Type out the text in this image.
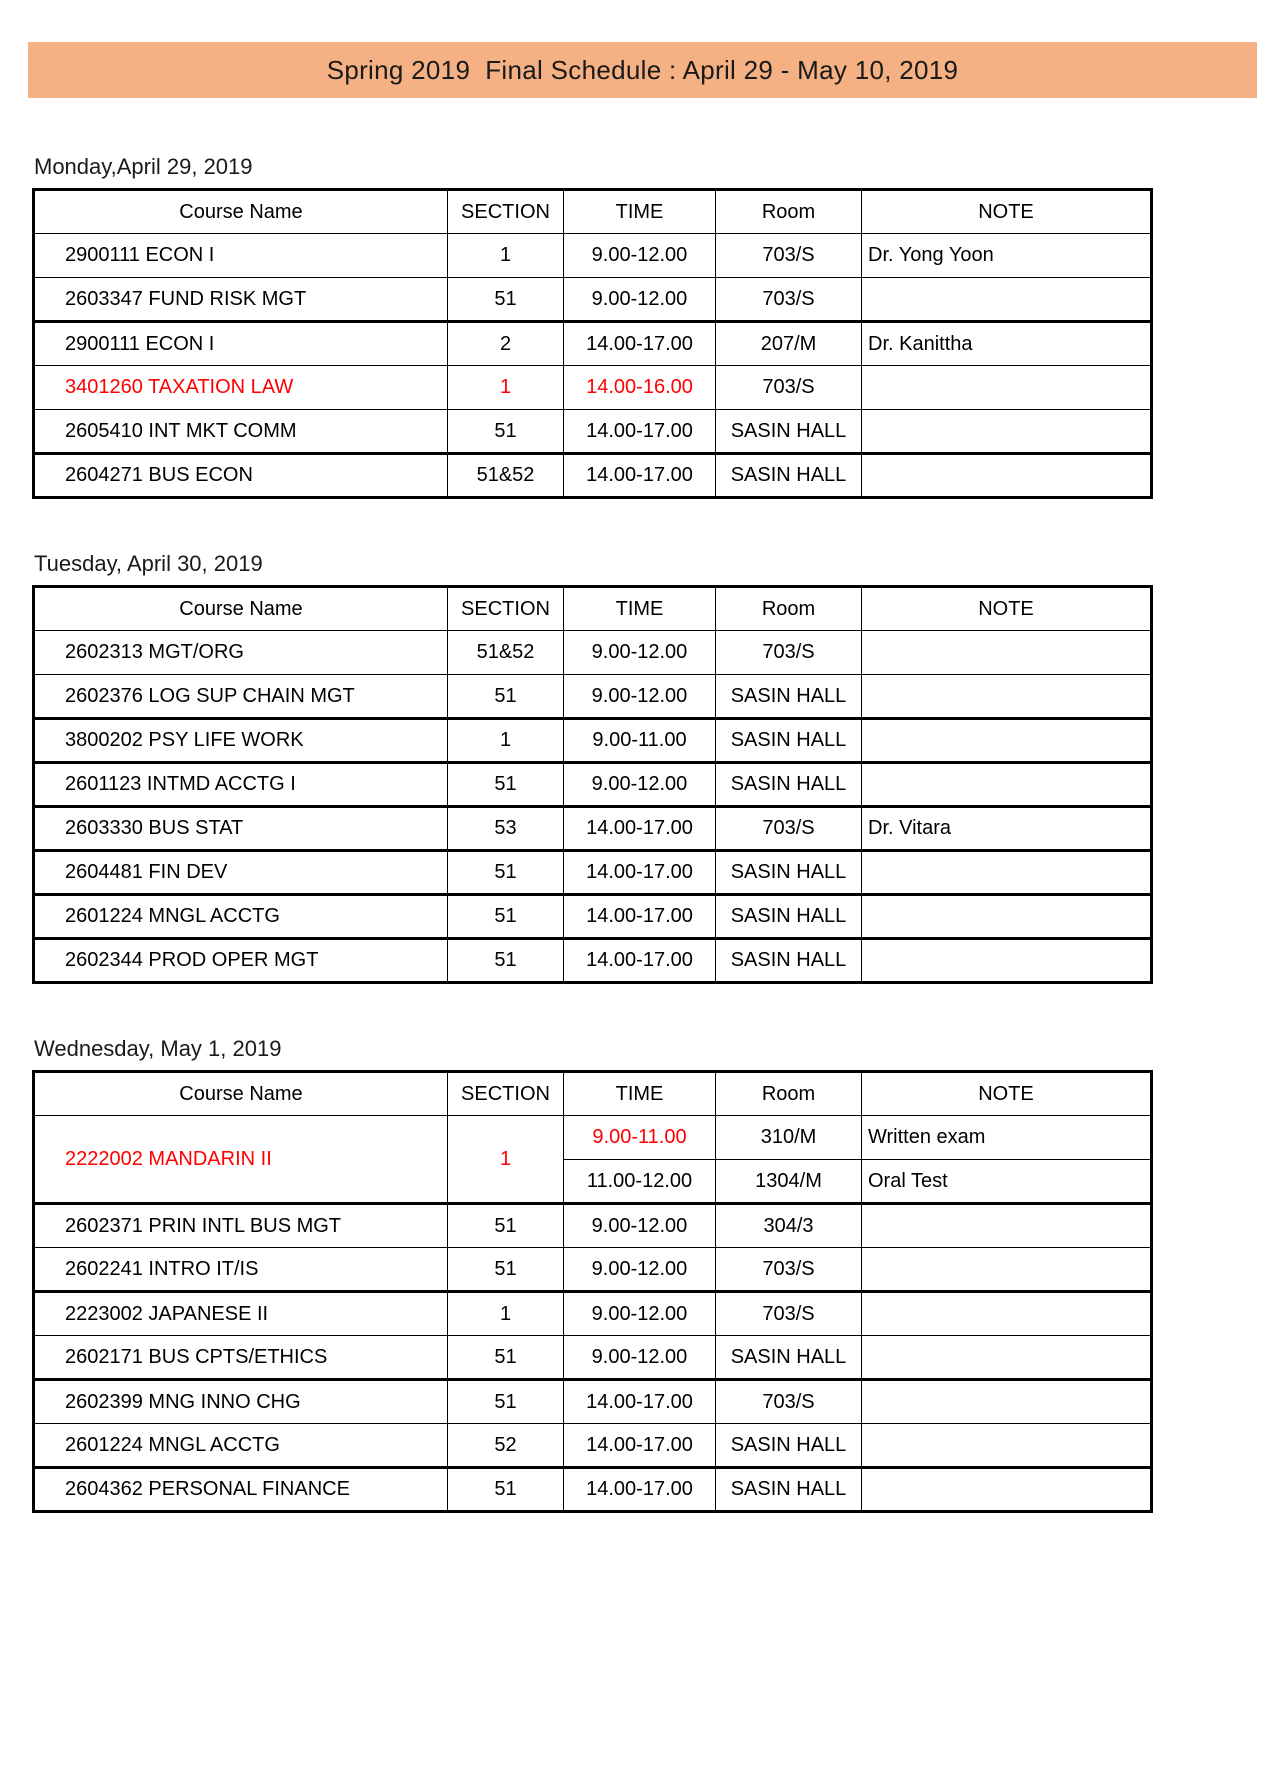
Spring 2019  Final Schedule : April 29 - May 10, 2019
Monday,April 29, 2019
Course Name	SECTION	TIME	Room	NOTE
2900111 ECON I	1	9.00-12.00	703/S	Dr. Yong Yoon
2603347 FUND RISK MGT	51	9.00-12.00	703/S	
2900111 ECON I	2	14.00-17.00	207/M	Dr. Kanittha
3401260 TAXATION LAW	1	14.00-16.00	703/S	
2605410 INT MKT COMM	51	14.00-17.00	SASIN HALL	
2604271 BUS ECON	51&52	14.00-17.00	SASIN HALL	
Tuesday, April 30, 2019
Course Name	SECTION	TIME	Room	NOTE
2602313 MGT/ORG	51&52	9.00-12.00	703/S	
2602376 LOG SUP CHAIN MGT	51	9.00-12.00	SASIN HALL	
3800202 PSY LIFE WORK	1	9.00-11.00	SASIN HALL	
2601123 INTMD ACCTG I	51	9.00-12.00	SASIN HALL	
2603330 BUS STAT	53	14.00-17.00	703/S	Dr. Vitara
2604481 FIN DEV	51	14.00-17.00	SASIN HALL	
2601224 MNGL ACCTG	51	14.00-17.00	SASIN HALL	
2602344 PROD OPER MGT	51	14.00-17.00	SASIN HALL	
Wednesday, May 1, 2019
Course Name	SECTION	TIME	Room	NOTE
2222002 MANDARIN II	1	9.00-11.00	310/M	Written exam
		11.00-12.00	1304/M	Oral Test
2602371 PRIN INTL BUS MGT	51	9.00-12.00	304/3	
2602241 INTRO IT/IS	51	9.00-12.00	703/S	
2223002 JAPANESE II	1	9.00-12.00	703/S	
2602171 BUS CPTS/ETHICS	51	9.00-12.00	SASIN HALL	
2602399 MNG INNO CHG	51	14.00-17.00	703/S	
2601224 MNGL ACCTG	52	14.00-17.00	SASIN HALL	
2604362 PERSONAL FINANCE	51	14.00-17.00	SASIN HALL	
